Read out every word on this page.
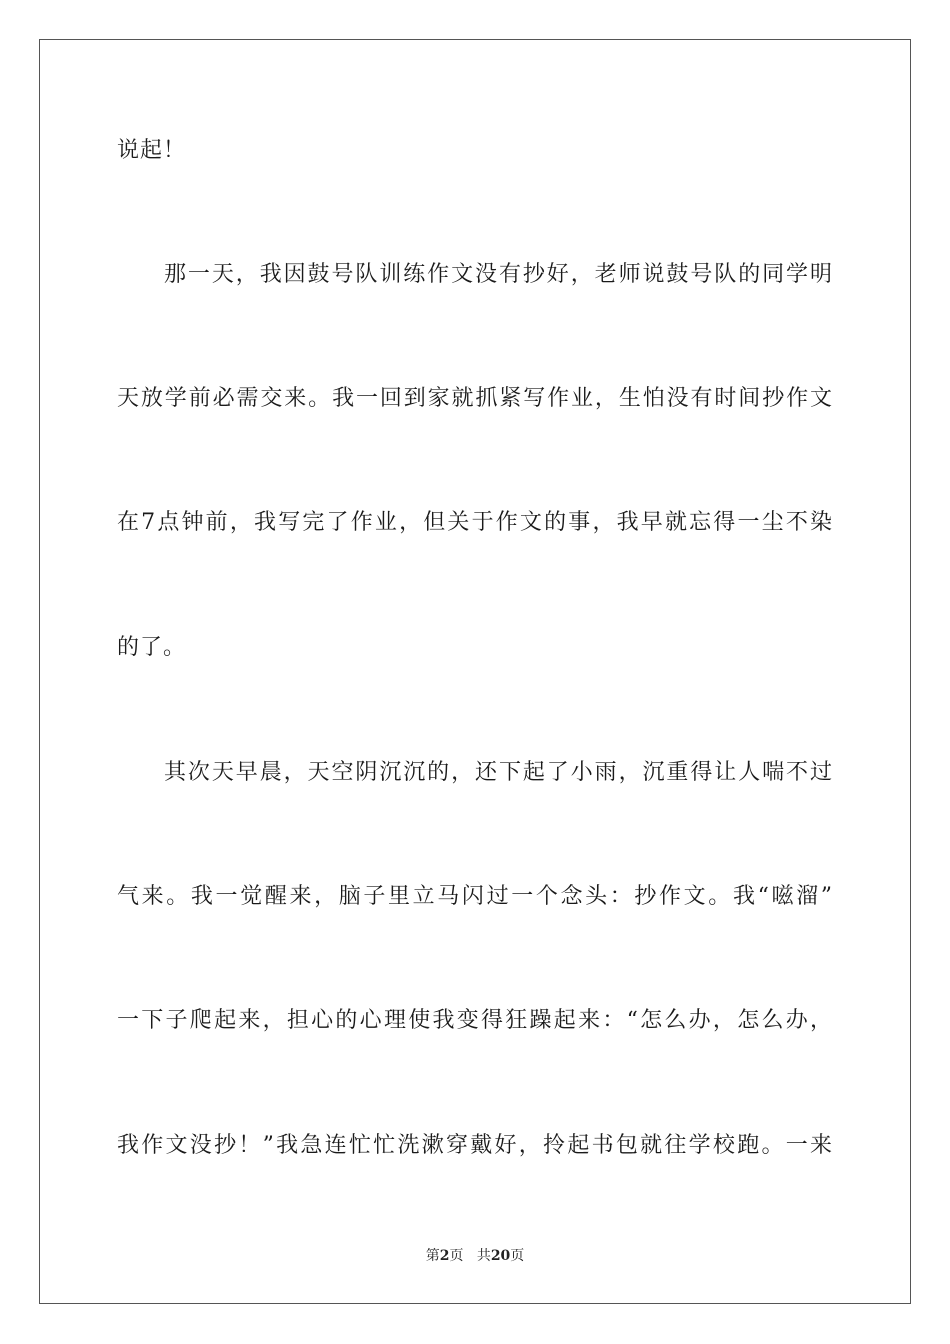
说起！
那一天，我因鼓号队训练作文没有抄好，老师说鼓号队的同学明
天放学前必需交来。我一回到家就抓紧写作业，生怕没有时间抄作文
在7点钟前，我写完了作业，但关于作文的事，我早就忘得一尘不染
的了。
其次天早晨，天空阴沉沉的，还下起了小雨，沉重得让人喘不过
气来。我一觉醒来，脑子里立马闪过一个念头：抄作文。我“嗞溜”
一下子爬起来，担心的心理使我变得狂躁起来：“怎么办，怎么办，
我作文没抄！”我急连忙忙洗漱穿戴好，拎起书包就往学校跑。一来
第2页 共20页
